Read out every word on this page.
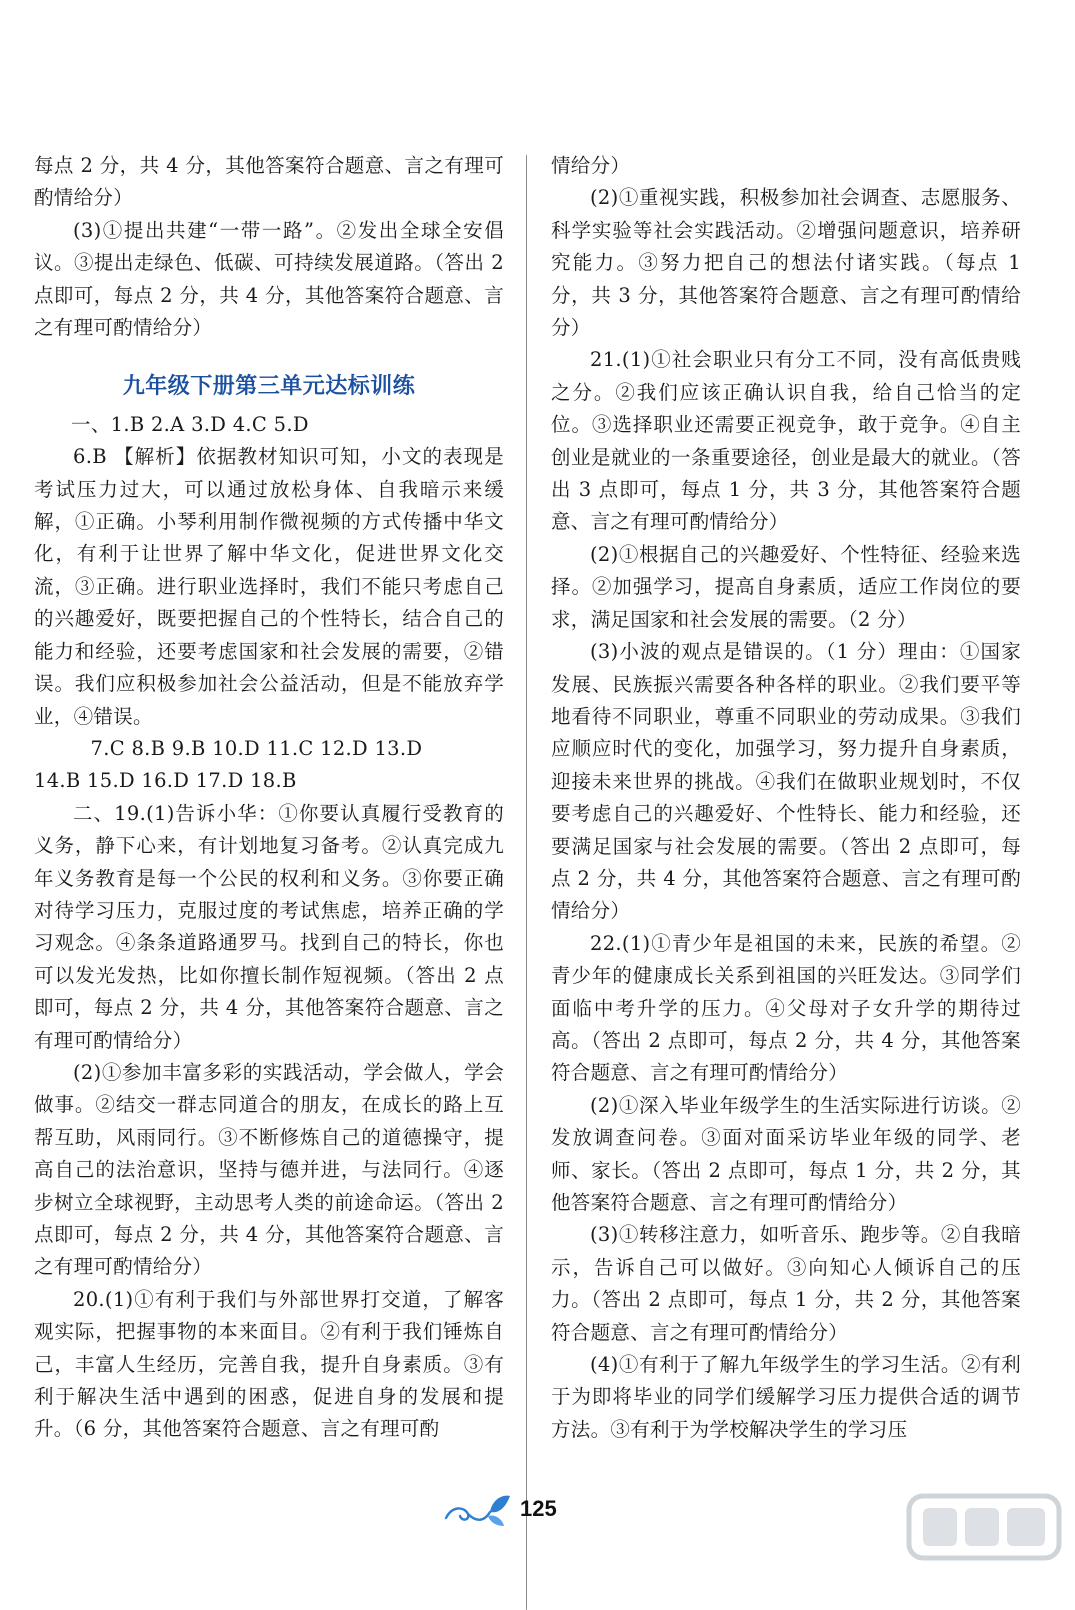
每点 2 分，共 4 分，其他答案符合题意、言之有理可酌情给分）

(3)①提出共建“一带一路”。②发出全球全安倡议。③提出走绿色、低碳、可持续发展道路。（答出 2 点即可，每点 2 分，共 4 分，其他答案符合题意、言之有理可酌情给分）

九年级下册第三单元达标训练

一、1.B 2.A 3.D 4.C 5.D

6.B 【解析】依据教材知识可知，小文的表现是考试压力过大，可以通过放松身体、自我暗示来缓解，①正确。小琴利用制作微视频的方式传播中华文化，有利于让世界了解中华文化，促进世界文化交流，③正确。进行职业选择时，我们不能只考虑自己的兴趣爱好，既要把握自己的个性特长，结合自己的能力和经验，还要考虑国家和社会发展的需要，②错误。我们应积极参加社会公益活动，但是不能放弃学业，④错误。

7.C 8.B 9.B 10.D 11.C 12.D 13.D

14.B 15.D 16.D 17.D 18.B

二、19.(1)告诉小华：①你要认真履行受教育的义务，静下心来，有计划地复习备考。②认真完成九年义务教育是每一个公民的权利和义务。③你要正确对待学习压力，克服过度的考试焦虑，培养正确的学习观念。④条条道路通罗马。找到自己的特长，你也可以发光发热，比如你擅长制作短视频。（答出 2 点即可，每点 2 分，共 4 分，其他答案符合题意、言之有理可酌情给分）

(2)①参加丰富多彩的实践活动，学会做人，学会做事。②结交一群志同道合的朋友，在成长的路上互帮互助，风雨同行。③不断修炼自己的道德操守，提高自己的法治意识，坚持与德并进，与法同行。④逐步树立全球视野，主动思考人类的前途命运。（答出 2 点即可，每点 2 分，共 4 分，其他答案符合题意、言之有理可酌情给分）

20.(1)①有利于我们与外部世界打交道，了解客观实际，把握事物的本来面目。②有利于我们锤炼自己，丰富人生经历，完善自我，提升自身素质。③有利于解决生活中遇到的困惑，促进自身的发展和提升。（6 分，其他答案符合题意、言之有理可酌

情给分）

(2)①重视实践，积极参加社会调查、志愿服务、科学实验等社会实践活动。②增强问题意识，培养研究能力。③努力把自己的想法付诸实践。（每点 1 分，共 3 分，其他答案符合题意、言之有理可酌情给分）

21.(1)①社会职业只有分工不同，没有高低贵贱之分。②我们应该正确认识自我，给自己恰当的定位。③选择职业还需要正视竞争，敢于竞争。④自主创业是就业的一条重要途径，创业是最大的就业。（答出 3 点即可，每点 1 分，共 3 分，其他答案符合题意、言之有理可酌情给分）

(2)①根据自己的兴趣爱好、个性特征、经验来选择。②加强学习，提高自身素质，适应工作岗位的要求，满足国家和社会发展的需要。（2 分）

(3)小波的观点是错误的。（1 分）理由：①国家发展、民族振兴需要各种各样的职业。②我们要平等地看待不同职业，尊重不同职业的劳动成果。③我们应顺应时代的变化，加强学习，努力提升自身素质，迎接未来世界的挑战。④我们在做职业规划时，不仅要考虑自己的兴趣爱好、个性特长、能力和经验，还要满足国家与社会发展的需要。（答出 2 点即可，每点 2 分，共 4 分，其他答案符合题意、言之有理可酌情给分）

22.(1)①青少年是祖国的未来，民族的希望。②青少年的健康成长关系到祖国的兴旺发达。③同学们面临中考升学的压力。④父母对子女升学的期待过高。（答出 2 点即可，每点 2 分，共 4 分，其他答案符合题意、言之有理可酌情给分）

(2)①深入毕业年级学生的生活实际进行访谈。②发放调查问卷。③面对面采访毕业年级的同学、老师、家长。（答出 2 点即可，每点 1 分，共 2 分，其他答案符合题意、言之有理可酌情给分）

(3)①转移注意力，如听音乐、跑步等。②自我暗示，告诉自己可以做好。③向知心人倾诉自己的压力。（答出 2 点即可，每点 1 分，共 2 分，其他答案符合题意、言之有理可酌情给分）

(4)①有利于了解九年级学生的学习生活。②有利于为即将毕业的同学们缓解学习压力提供合适的调节方法。③有利于为学校解决学生的学习压

125
